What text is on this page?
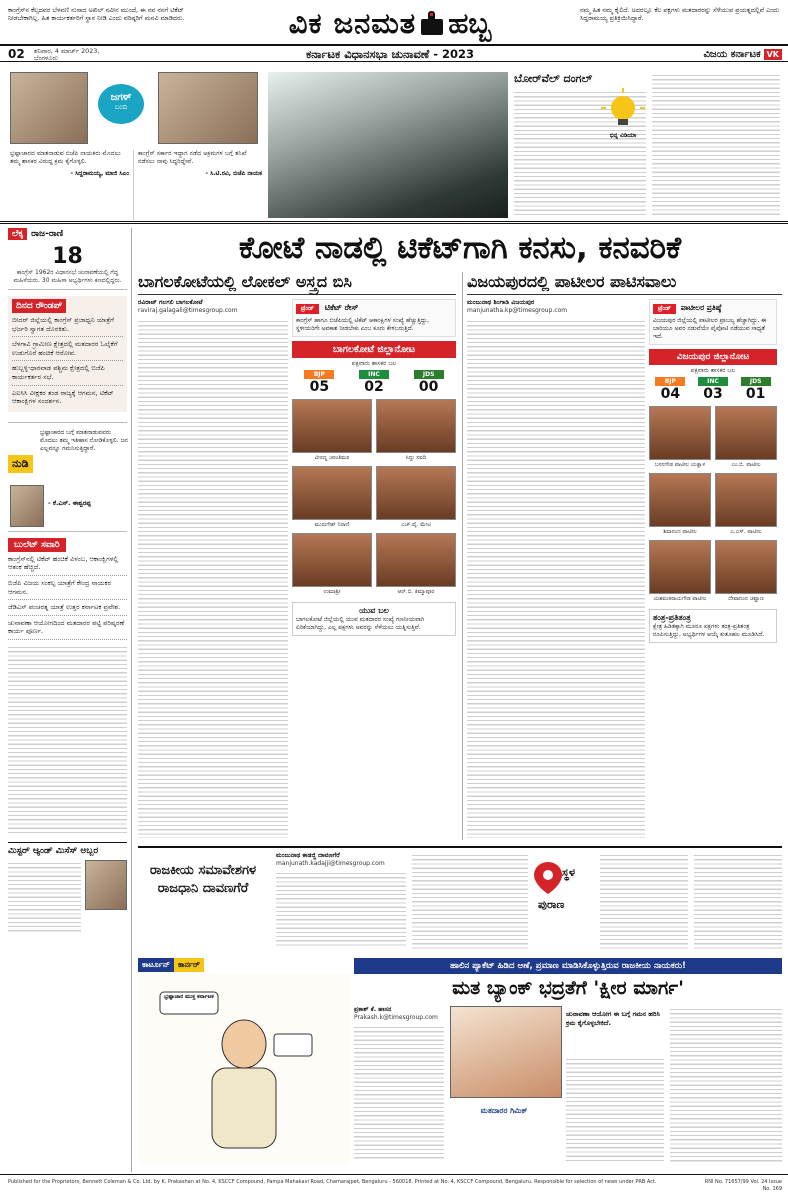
ಕಾಂಗ್ರೆಸ್‌ನ ಕೆಲ್ಸದವರ ಬೆಳವಣಿ ನುಸಾದ ಅಖಿಲ್ ನವೀನ ಮುಂದೆ, ಈ ನವ ನನಗೆ ಟಿಕೆಟ್ ನೀಡಬೇಕಾಗಿಲ್ಲ. ಹಿತ ಕಾರ್ಯಕರ್ತರಿಗೆ ಸ್ಥಾನ ನೀಡಿ ಎಂದು ವರಿಷ್ಠರಿಗೆ ಮನವಿ ಮಾಡಿದರು.	ವಿಕ ಜನಮತ ಹಬ್ಬ	ನಮ್ಮ ಹಿತ ನಮ್ಮ ಕೈಲಿದೆ. ಅದರಲ್ಲೂ ಕೆಲ ಪಕ್ಷಗಳು ಮತದಾರರನ್ನು ಸೆಳೆಯುವ ಪ್ರಯತ್ನದಲ್ಲಿವೆ ಎಂದು ಸಿದ್ದರಾಮಯ್ಯ ಪ್ರತಿಕ್ರಿಯಿಸಿದ್ದಾರೆ.
02 ಶನಿವಾರ, 4 ಮಾರ್ಚ್ 2023,
ಬೆಂಗಳೂರು	ಕರ್ನಾಟಕ ವಿಧಾನಸಭಾ ಚುನಾವಣೆ - 2023	ವಿಜಯ ಕರ್ನಾಟಕ VK
ಜಗಳ್
ಬಂದಿ
ಭ್ರಷ್ಟಾಚಾರದ ಮಾತನಾಡುವ ಬಿಜೆಪಿ ನಾಯಕರು ಮೊದಲು ತಮ್ಮ ಶಾಸಕರ ವಿರುದ್ಧ ಕ್ರಮ ಕೈಗೊಳ್ಳಲಿ.
- ಸಿದ್ದರಾಮಯ್ಯ, ಮಾಜಿ ಸಿಎಂ
ಕಾಂಗ್ರೆಸ್ ಸರ್ಕಾರ ಇದ್ದಾಗ ನಡೆದ ಅಕ್ರಮಗಳ ಬಗ್ಗೆ ತನಿಖೆ ನಡೆಸಲು ನಾವು ಸಿದ್ಧರಿದ್ದೇವೆ.
- ಸಿ.ಟಿ.ರವಿ, ಬಿಜೆಪಿ ನಾಯಕ
ಬೋರ್‌ವೆಲ್ ದಂಗಲ್
ಭಿನ್ನ ವಿಡಿಯಾ
ಲೆಕ್ಕ ರಾಜ-ರಾಣಿ
18
ಕಾಂಗ್ರೆಸ್ 1962ರ ವಿಧಾನಸಭೆ ಚುನಾವಣೆಯಲ್ಲಿ ಗೆದ್ದ ಮಹಿಳೆಯರು. 30 ಮಹಿಳಾ ಅಭ್ಯರ್ಥಿಗಳು ಕಣದಲ್ಲಿದ್ದರು.
ದಿನದ ರೌಂಡಪ್
ಬೀದರ್ ಜಿಲ್ಲೆಯಲ್ಲಿ ಕಾಂಗ್ರೆಸ್ ಪ್ರಜಾಧ್ವನಿ ಯಾತ್ರೆಗೆ ಭರ್ಜರಿ ಸ್ವಾಗತ ದೊರಕಿತು.
ಬೆಳಗಾವಿ ಗ್ರಾಮೀಣ ಕ್ಷೇತ್ರದಲ್ಲಿ ಮತದಾರರ ಓಲೈಕೆಗೆ ಉಡುಗೊರೆ ಹಂಚಿಕೆ ಆರೋಪ.
ಹುಬ್ಬಳ್ಳಿ-ಧಾರವಾಡ ಪಶ್ಚಿಮ ಕ್ಷೇತ್ರದಲ್ಲಿ ಬಿಜೆಪಿ ಕಾರ್ಯಕರ್ತರ ಸಭೆ.
ಎಐಸಿಸಿ ವೀಕ್ಷಕರ ತಂಡ ರಾಜ್ಯಕ್ಕೆ ಆಗಮನ, ಟಿಕೆಟ್ ಆಕಾಂಕ್ಷಿಗಳ ಸಂದರ್ಶನ.
ನುಡಿ
ಭ್ರಷ್ಟಾಚಾರದ ಬಗ್ಗೆ ಮಾತನಾಡುವವರು ಮೊದಲು ತಮ್ಮ ಇತಿಹಾಸ ನೋಡಿಕೊಳ್ಳಲಿ. ಜನ ಎಲ್ಲವನ್ನೂ ಗಮನಿಸುತ್ತಿದ್ದಾರೆ.
- ಕೆ.ಎಸ್. ಈಶ್ವರಪ್ಪ
ಬುಲೆಟ್ ಸವಾರಿ
ಕಾಂಗ್ರೆಸ್‌ನಲ್ಲಿ ಟಿಕೆಟ್ ಹಂಚಿಕೆ ವಿಳಂಬ, ಆಕಾಂಕ್ಷಿಗಳಲ್ಲಿ ಆತಂಕ ಹೆಚ್ಚಿದೆ.
ಬಿಜೆಪಿ ವಿಜಯ ಸಂಕಲ್ಪ ಯಾತ್ರೆಗೆ ಕೇಂದ್ರ ನಾಯಕರ ಆಗಮನ.
ಜೆಡಿಎಸ್ ಪಂಚರತ್ನ ಯಾತ್ರೆ ಉತ್ತರ ಕರ್ನಾಟಕ ಪ್ರವೇಶ.
ಚುನಾವಣಾ ಆಯೋಗದಿಂದ ಮತದಾರರ ಪಟ್ಟಿ ಪರಿಷ್ಕರಣೆ ಕಾರ್ಯ ಪೂರ್ಣ.
ಮಿಸ್ಟರ್ ಆ್ಯಂಡ್ ಮಿಸೆಸ್ ಅಬ್ಬರ
ಕೋಟೆ ನಾಡಲ್ಲಿ ಟಿಕೆಟ್‌ಗಾಗಿ ಕನಸು, ಕನವರಿಕೆ
ಬಾಗಲಕೋಟೆಯಲ್ಲಿ ಲೋಕಲ್ ಅಸ್ತ್ರದ ಬಿಸಿ
ರವಿರಾಜ್ ಗಲಗಲಿ ಬಾಗಲಕೋಟೆ
raviraj.galagali@timesgroup.com	ಟ್ರೆಂಡ್ ಟಿಕೆಟ್ ರೇಸ್
ಕಾಂಗ್ರೆಸ್ ಹಾಗೂ ಬಿಜೆಪಿಯಲ್ಲಿ ಟಿಕೆಟ್ ಆಕಾಂಕ್ಷಿಗಳ ಸಂಖ್ಯೆ ಹೆಚ್ಚುತ್ತಿದ್ದು, ಸ್ಥಳೀಯರಿಗೇ ಅವಕಾಶ ನೀಡಬೇಕು ಎಂಬ ಕೂಗು ಕೇಳಿಬರುತ್ತಿದೆ.
ಬಾಗಲಕೋಟೆ ಜಿಲ್ಲಾನೋಟ
ಪಕ್ಷವಾರು ಶಾಸಕರ ಬಲ
BJP
05
INC
02
JDS
00
ವೀರಣ್ಣ ಚರಂತಿಮಠ	ಸಿದ್ದು ಸವದಿ
ಮುರುಗೇಶ್ ನಿರಾಣಿ	ಎಚ್.ವೈ. ಮೇಟಿ
ಉಮಾಶ್ರೀ	ಆರ್.ಬಿ. ತಿಮ್ಮಾಪೂರ
ಯುವ ಬಲ
ಬಾಗಲಕೋಟೆ ಜಿಲ್ಲೆಯಲ್ಲಿ ಯುವ ಮತದಾರರ ಸಂಖ್ಯೆ ಗಣನೀಯವಾಗಿ ಏರಿಕೆಯಾಗಿದ್ದು, ಎಲ್ಲ ಪಕ್ಷಗಳು ಅವರನ್ನು ಸೆಳೆಯಲು ಯತ್ನಿಸುತ್ತಿವೆ.
ವಿಜಯಪುರದಲ್ಲಿ ಪಾಟೀಲರ ಪಾಟಿಸವಾಲು
ಮಂಜುನಾಥ ಶಿಂಗಾಡಿ ವಿಜಯಪುರ
manjunatha.kp@timesgroup.com	ಟ್ರೆಂಡ್ ಪಾಟೀಲರ ಪ್ರತಿಷ್ಠೆ
ವಿಜಯಪುರ ಜಿಲ್ಲೆಯಲ್ಲಿ ಪಾಟೀಲರ ಪ್ರಾಬಲ್ಯ ಹೆಚ್ಚಾಗಿದ್ದು, ಈ ಬಾರಿಯೂ ಅವರ ನಡುವೆಯೇ ಪೈಪೋಟಿ ನಡೆಯುವ ಸಾಧ್ಯತೆ ಇದೆ.
ವಿಜಯಪುರ ಜಿಲ್ಲಾನೋಟ
ಪಕ್ಷವಾರು ಶಾಸಕರ ಬಲ
BJP
04
INC
03
JDS
01
ಬಸನಗೌಡ ಪಾಟೀಲ ಯತ್ನಾಳ	ಎಂ.ಬಿ. ಪಾಟೀಲ
ಶಿವಾನಂದ ಪಾಟೀಲ	ಎ.ಎಸ್. ಪಾಟೀಲ
ಯಶವಂತರಾಯಗೌಡ ಪಾಟೀಲ	ದೇವಾನಂದ ಚವ್ಹಾಣ
ತಂತ್ರ-ಪ್ರತಿತಂತ್ರ
ಕ್ಷೇತ್ರ ಹಿಡಿತಕ್ಕಾಗಿ ಮೂರೂ ಪಕ್ಷಗಳು ತಂತ್ರ-ಪ್ರತಿತಂತ್ರ ರೂಪಿಸುತ್ತಿದ್ದು, ಅಭ್ಯರ್ಥಿಗಳ ಆಯ್ಕೆ ಕುತೂಹಲ ಮೂಡಿಸಿದೆ.
ರಾಜಕೀಯ ಸಮಾವೇಶಗಳ ರಾಜಧಾನಿ ದಾವಣಗೆರೆ
ಮಂಜುನಾಥ ಕಾಡಜ್ಜಿ ದಾವಣಗೆರೆ
manjunath.kadajji@timesgroup.com
ಸ್ಥಳ
ಪುರಾಣ
ಕಾರ್ಟೂನ್	ಕಾರ್ನರ್
ಭ್ರಷ್ಟಾಚಾರ ಮುಕ್ತ ಕರ್ನಾಟಕ
ಹಾಲಿನ ಪ್ಯಾಕೆಟ್ ಹಿಡಿದ ಆಣೆ, ಪ್ರಮಾಣ ಮಾಡಿಸಿಕೊಳ್ಳುತ್ತಿರುವ ರಾಜಕೀಯ ನಾಯಕರು!
ಮತ ಬ್ಯಾಂಕ್ ಭದ್ರತೆಗೆ 'ಕ್ಷೀರ ಮಾರ್ಗ'
ಪ್ರಕಾಶ್ ಕೆ. ಹಾಸನ
Prakash.k@timesgroup.com
ಮತದಾರರ ಗಿಮಿಕ್
ಚುನಾವಣಾ ಆಯೋಗ ಈ ಬಗ್ಗೆ ಗಮನ ಹರಿಸಿ ಕ್ರಮ ಕೈಗೊಳ್ಳಬೇಕಿದೆ.
Published for the Proprietors, Bennett Coleman & Co. Ltd. by K. Prakashan at No. 4, KSCCF Compound, Pampa Mahakavi Road, Chamarajpet, Bengaluru - 560018. Printed at No. 4, KSCCF Compound, Bengaluru. Responsible for selection of news under PRB Act.	RNI No. 71657/99 Vol. 24 Issue No. 169
